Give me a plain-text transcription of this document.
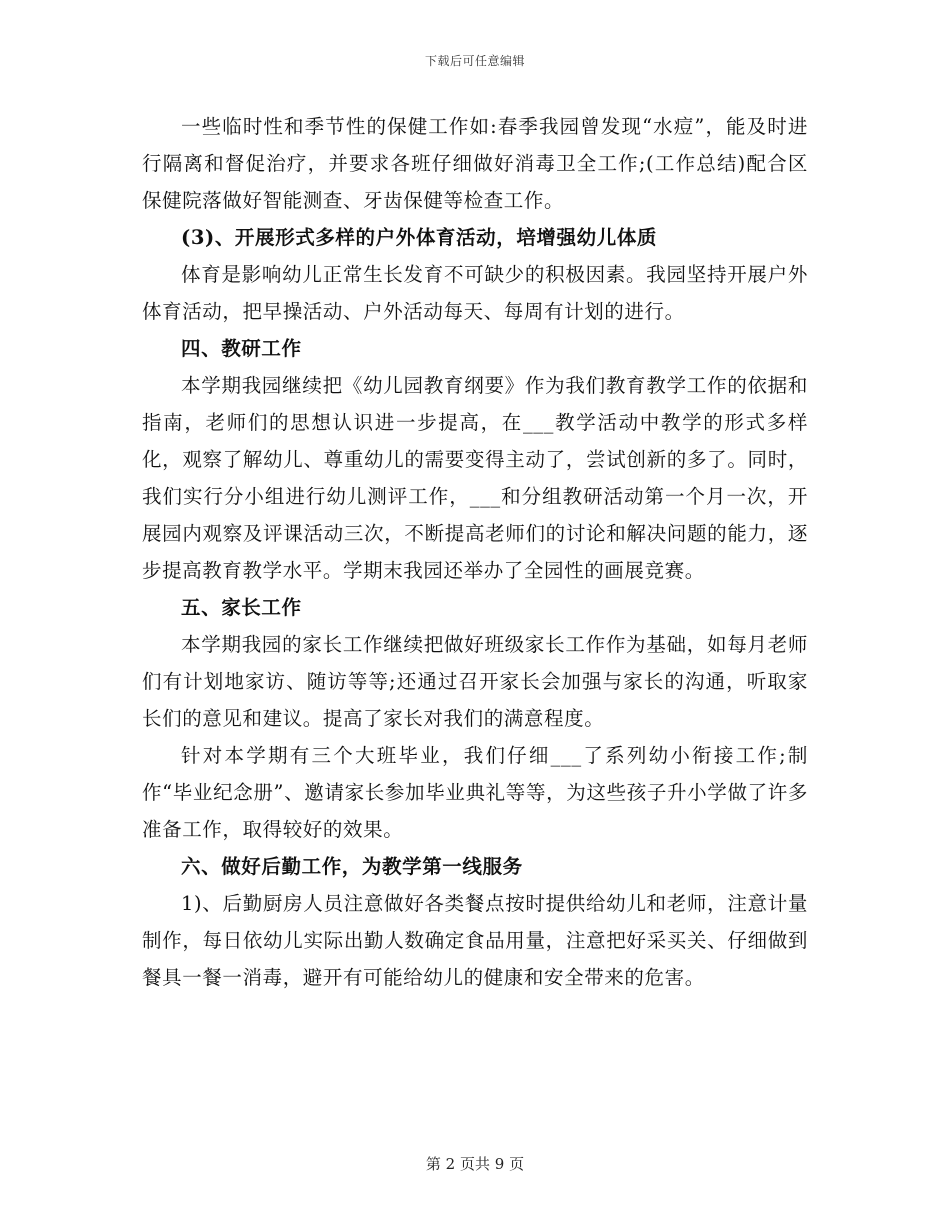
下载后可任意编辑

一些临时性和季节性的保健工作如:春季我园曾发现“水痘”，能及时进行隔离和督促治疗，并要求各班仔细做好消毒卫全工作;(工作总结)配合区保健院落做好智能测查、牙齿保健等检查工作。

(3)、开展形式多样的户外体育活动，培增强幼儿体质

体育是影响幼儿正常生长发育不可缺少的积极因素。我园坚持开展户外体育活动，把早操活动、户外活动每天、每周有计划的进行。

四、教研工作

本学期我园继续把《幼儿园教育纲要》作为我们教育教学工作的依据和指南，老师们的思想认识进一步提高，在___教学活动中教学的形式多样化，观察了解幼儿、尊重幼儿的需要变得主动了，尝试创新的多了。同时，我们实行分小组进行幼儿测评工作，___和分组教研活动第一个月一次，开展园内观察及评课活动三次，不断提高老师们的讨论和解决问题的能力，逐步提高教育教学水平。学期末我园还举办了全园性的画展竞赛。

五、家长工作

本学期我园的家长工作继续把做好班级家长工作作为基础，如每月老师们有计划地家访、随访等等;还通过召开家长会加强与家长的沟通，听取家长们的意见和建议。提高了家长对我们的满意程度。

针对本学期有三个大班毕业，我们仔细___了系列幼小衔接工作;制作“毕业纪念册”、邀请家长参加毕业典礼等等，为这些孩子升小学做了许多准备工作，取得较好的效果。

六、做好后勤工作，为教学第一线服务

1)、后勤厨房人员注意做好各类餐点按时提供给幼儿和老师，注意计量制作，每日依幼儿实际出勤人数确定食品用量，注意把好采买关、仔细做到餐具一餐一消毒，避开有可能给幼儿的健康和安全带来的危害。

第 2 页共 9 页
